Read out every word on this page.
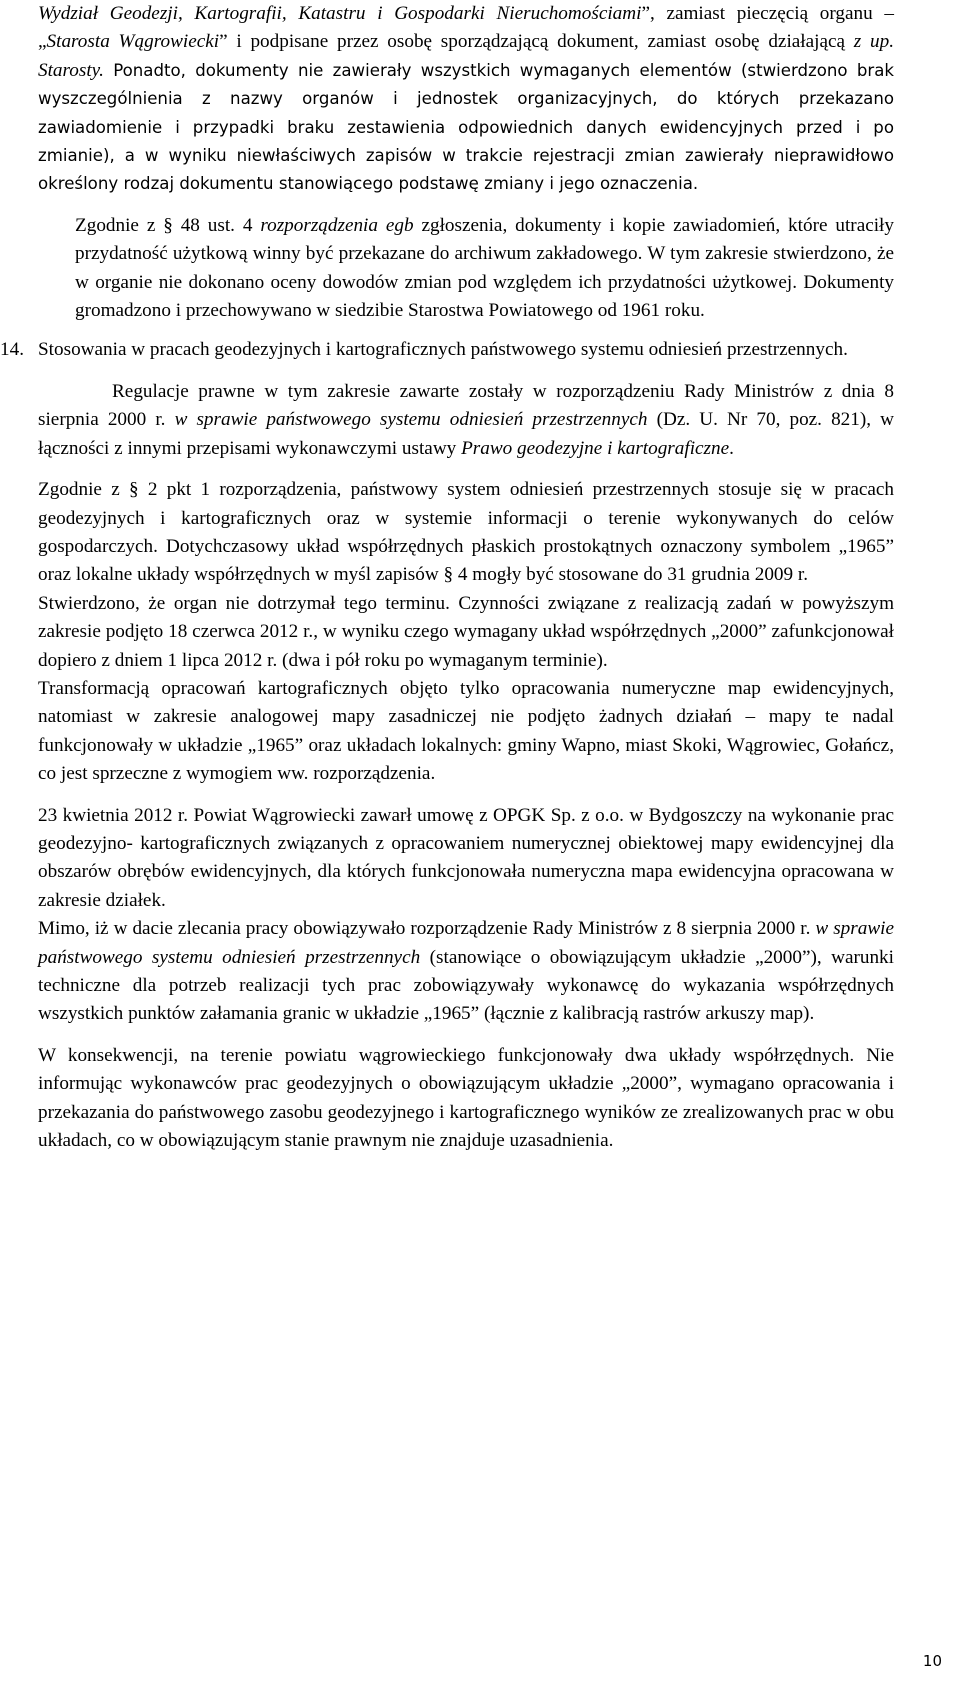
Wydział Geodezji, Kartografii, Katastru i Gospodarki Nieruchomościami”, zamiast pieczęcią organu – „Starosta Wągrowiecki” i podpisane przez osobę sporządzającą dokument, zamiast osobę działającą z up. Starosty. Ponadto, dokumenty nie zawierały wszystkich wymaganych elementów (stwierdzono brak wyszczególnienia z nazwy organów i jednostek organizacyjnych, do których przekazano zawiadomienie i przypadki braku zestawienia odpowiednich danych ewidencyjnych przed i po zmianie), a w wyniku niewłaściwych zapisów w trakcie rejestracji zmian zawierały nieprawidłowo określony rodzaj dokumentu stanowiącego podstawę zmiany i jego oznaczenia.

Zgodnie z § 48 ust. 4 rozporządzenia egb zgłoszenia, dokumenty i kopie zawiadomień, które utraciły przydatność użytkową winny być przekazane do archiwum zakładowego. W tym zakresie stwierdzono, że w organie nie dokonano oceny dowodów zmian pod względem ich przydatności użytkowej. Dokumenty gromadzono i przechowywano w siedzibie Starostwa Powiatowego od 1961 roku.

14. Stosowania w pracach geodezyjnych i kartograficznych państwowego systemu odniesień przestrzennych.

Regulacje prawne w tym zakresie zawarte zostały w rozporządzeniu Rady Ministrów z dnia 8 sierpnia 2000 r. w sprawie państwowego systemu odniesień przestrzennych (Dz. U. Nr 70, poz. 821), w łączności z innymi przepisami wykonawczymi ustawy Prawo geodezyjne i kartograficzne.

Zgodnie z § 2 pkt 1 rozporządzenia, państwowy system odniesień przestrzennych stosuje się w pracach geodezyjnych i kartograficznych oraz w systemie informacji o terenie wykonywanych do celów gospodarczych. Dotychczasowy układ współrzędnych płaskich prostokątnych oznaczony symbolem „1965” oraz lokalne układy współrzędnych w myśl zapisów § 4 mogły być stosowane do 31 grudnia 2009 r.

Stwierdzono, że organ nie dotrzymał tego terminu. Czynności związane z realizacją zadań w powyższym zakresie podjęto 18 czerwca 2012 r., w wyniku czego wymagany układ współrzędnych „2000” zafunkcjonował dopiero z dniem 1 lipca 2012 r. (dwa i pół roku po wymaganym terminie).

Transformacją opracowań kartograficznych objęto tylko opracowania numeryczne map ewidencyjnych, natomiast w zakresie analogowej mapy zasadniczej nie podjęto żadnych działań – mapy te nadal funkcjonowały w układzie „1965” oraz układach lokalnych: gminy Wapno, miast Skoki, Wągrowiec, Gołańcz, co jest sprzeczne z wymogiem ww. rozporządzenia.

23 kwietnia 2012 r. Powiat Wągrowiecki zawarł umowę z OPGK Sp. z o.o. w Bydgoszczy na wykonanie prac geodezyjno- kartograficznych związanych z opracowaniem numerycznej obiektowej mapy ewidencyjnej dla obszarów obrębów ewidencyjnych, dla których funkcjonowała numeryczna mapa ewidencyjna opracowana w zakresie działek.

Mimo, iż w dacie zlecania pracy obowiązywało rozporządzenie Rady Ministrów z 8 sierpnia 2000 r. w sprawie państwowego systemu odniesień przestrzennych (stanowiące o obowiązującym układzie „2000”), warunki techniczne dla potrzeb realizacji tych prac zobowiązywały wykonawcę do wykazania współrzędnych wszystkich punktów załamania granic w układzie „1965” (łącznie z kalibracją rastrów arkuszy map).

W konsekwencji, na terenie powiatu wągrowieckiego funkcjonowały dwa układy współrzędnych. Nie informując wykonawców prac geodezyjnych o obowiązującym układzie „2000”, wymagano opracowania i przekazania do państwowego zasobu geodezyjnego i kartograficznego wyników ze zrealizowanych prac w obu układach, co w obowiązującym stanie prawnym nie znajduje uzasadnienia.

10
